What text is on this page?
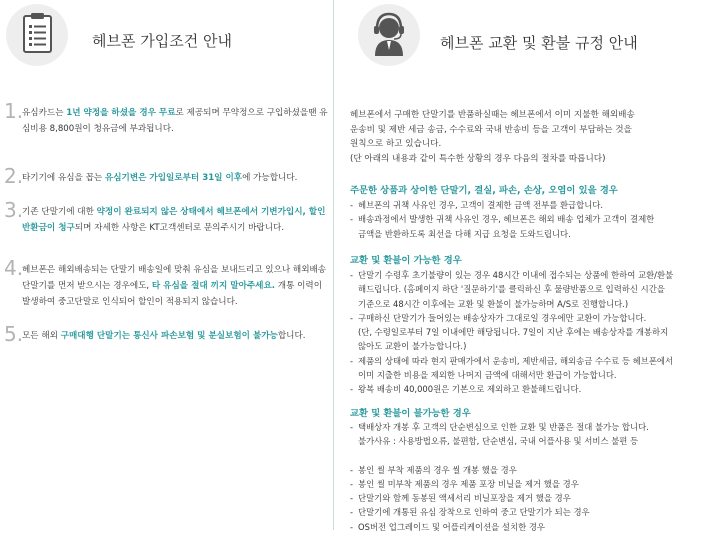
헤브폰 가입조건 안내
1.
유심카드는 1년 약정을 하셨을 경우 무료로 제공되며 무약정으로 구입하셨을땐 유심비용 8,800원이 청유금에 부과됩니다.
2.
타기기에 유심을 꼽는 유심기변은 가입일로부터 31일 이후에 가능합니다.
3.
기존 단말기에 대한 약정이 완료되지 않은 상태에서 헤브폰에서 기변가입시, 할인반환금이 청구되며 자세한 사항은 KT고객센터로 문의주시기 바랍니다.
4.
헤브폰은 해외배송되는 단말기 배송일에 맞춰 유심을 보내드리고 있으나 해외배송 단말기를 먼저 받으시는 경우에도, 타 유심을 절대 끼지 말아주세요. 개통 이력이 발생하여 중고단말로 인식되어 할인이 적용되지 않습니다.
5.
모든 해외 구매대행 단말기는 통신사 파손보험 및 분실보험이 불가능합니다.
헤브폰 교환 및 환불 규정 안내
헤브폰에서 구매한 단말기를 반품하실때는 헤브폰에서 이미 지불한 해외배송
운송비 및 제반 세금 송금, 수수료와 국내 반송비 등을 고객이 부담하는 것을
원칙으로 하고 있습니다.
(단 아래의 내용과 같이 특수한 상황의 경우 다음의 절차를 따릅니다)
주문한 상품과 상이한 단말기, 결실, 파손, 손상, 오염이 있을 경우
- 헤브폰의 귀책 사유인 경우, 고객이 결제한 금액 전부를 환급합니다.
- 배송과정에서 발생한 귀책 사유인 경우, 헤브폰은 해외 배송 업체가 고객이 결제한
금액을 반환하도록 최선을 다해 지급 요청을 도와드립니다.
교환 및 환불이 가능한 경우
- 단말기 수령후 초기불량이 있는 경우 48시간 이내에 접수되는 상품에 한하여 교환/환불
해드립니다. (홈페이지 하단 '질문하기'를 클릭하신 후 물량반품으로 입력하신 시간을
기준으로 48시간 이후에는 교환 및 환불이 불가능하며 A/S로 진행합니다.)
- 구매하신 단말기가 들어있는 배송상자가 그대로일 경우에만 교환이 가능합니다.
(단, 수령일로부터 7일 이내에만 해당됩니다. 7일이 지난 후에는 배송상자를 개봉하지
않아도 교환이 불가능합니다.)
- 제품의 상태에 따라 현지 판매가에서 운송비, 제반세금, 해외송금 수수료 등 헤브폰에서
이미 지출한 비용을 제외한 나머지 금액에 대해서만 환급이 가능합니다.
- 왕복 배송비 40,000원은 기본으로 제외하고 환불해드립니다.
교환 및 환불이 불가능한 경우
- 택배상자 개봉 후 고객의 단순변심으로 인한 교환 및 반품은 절대 불가능 합니다.
불가사유 : 사용방법오류, 불편함, 단순변심, 국내 어플사용 및 서비스 불편 등
- 봉인 씰 부착 제품의 경우 씰 개봉 했을 경우
- 봉인 씰 미부착 제품의 경우 제품 포장 비닐을 제거 했을 경우
- 단말기와 함께 동봉된 액세서리 비닐포장을 제거 했을 경우
- 단말기에 개통된 유심 장착으로 인하여 중고 단말기가 되는 경우
- OS버전 업그레이드 및 어플리케이션을 설치한 경우
